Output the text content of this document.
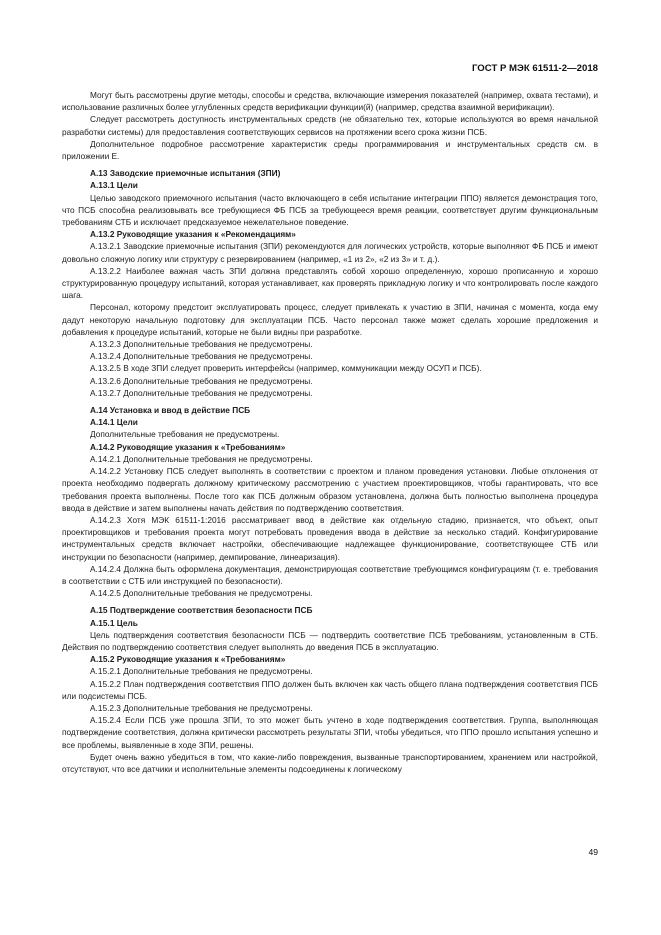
ГОСТ Р МЭК 61511-2—2018

Могут быть рассмотрены другие методы, способы и средства, включающие измерения показателей (например, охвата тестами), и использование различных более углубленных средств верификации функции(й) (например, средства взаимной верификации).

Следует рассмотреть доступность инструментальных средств (не обязательно тех, которые используются во время начальной разработки системы) для предоставления соответствующих сервисов на протяжении всего срока жизни ПСБ.

Дополнительное подробное рассмотрение характеристик среды программирования и инструментальных средств см. в приложении Е.

А.13 Заводские приемочные испытания (ЗПИ)

А.13.1 Цели

Целью заводского приемочного испытания (часто включающего в себя испытание интеграции ППО) является демонстрация того, что ПСБ способна реализовывать все требующиеся ФБ ПСБ за требующееся время реакции, соответствует другим функциональным требованиям СТБ и исключает предсказуемое нежелательное поведение.

А.13.2 Руководящие указания к «Рекомендациям»

А.13.2.1 Заводские приемочные испытания (ЗПИ) рекомендуются для логических устройств, которые выполняют ФБ ПСБ и имеют довольно сложную логику или структуру с резервированием (например, «1 из 2», «2 из 3» и т. д.).

А.13.2.2 Наиболее важная часть ЗПИ должна представлять собой хорошо определенную, хорошо прописанную и хорошо структурированную процедуру испытаний, которая устанавливает, как проверять прикладную логику и что контролировать после каждого шага.

Персонал, которому предстоит эксплуатировать процесс, следует привлекать к участию в ЗПИ, начиная с момента, когда ему дадут некоторую начальную подготовку для эксплуатации ПСБ. Часто персонал также может сделать хорошие предложения и добавления к процедуре испытаний, которые не были видны при разработке.

А.13.2.3 Дополнительные требования не предусмотрены.

А.13.2.4 Дополнительные требования не предусмотрены.

А.13.2.5 В ходе ЗПИ следует проверить интерфейсы (например, коммуникации между ОСУП и ПСБ).

А.13.2.6 Дополнительные требования не предусмотрены.

А.13.2.7 Дополнительные требования не предусмотрены.

А.14 Установка и ввод в действие ПСБ

А.14.1 Цели

Дополнительные требования не предусмотрены.

А.14.2 Руководящие указания к «Требованиям»

А.14.2.1 Дополнительные требования не предусмотрены.

А.14.2.2 Установку ПСБ следует выполнять в соответствии с проектом и планом проведения установки. Любые отклонения от проекта необходимо подвергать должному критическому рассмотрению с участием проектировщиков, чтобы гарантировать, что все требования проекта выполнены. После того как ПСБ должным образом установлена, должна быть полностью выполнена процедура ввода в действие и затем выполнены начать действия по подтверждению соответствия.

А.14.2.3 Хотя МЭК 61511-1:2016 рассматривает ввод в действие как отдельную стадию, признается, что объект, опыт проектировщиков и требования проекта могут потребовать проведения ввода в действие за несколько стадий. Конфигурирование инструментальных средств включает настройки, обеспечивающие надлежащее функционирование, соответствующее СТБ или инструкции по безопасности (например, демпирование, линеаризация).

А.14.2.4 Должна быть оформлена документация, демонстрирующая соответствие требующимся конфигурациям (т. е. требования в соответствии с СТБ или инструкцией по безопасности).

А.14.2.5 Дополнительные требования не предусмотрены.

А.15 Подтверждение соответствия безопасности ПСБ

А.15.1 Цель

Цель подтверждения соответствия безопасности ПСБ — подтвердить соответствие ПСБ требованиям, установленным в СТБ. Действия по подтверждению соответствия следует выполнять до введения ПСБ в эксплуатацию.

А.15.2 Руководящие указания к «Требованиям»

А.15.2.1 Дополнительные требования не предусмотрены.

А.15.2.2 План подтверждения соответствия ППО должен быть включен как часть общего плана подтверждения соответствия ПСБ или подсистемы ПСБ.

А.15.2.3 Дополнительные требования не предусмотрены.

А.15.2.4 Если ПСБ уже прошла ЗПИ, то это может быть учтено в ходе подтверждения соответствия. Группа, выполняющая подтверждение соответствия, должна критически рассмотреть результаты ЗПИ, чтобы убедиться, что ППО прошло испытания успешно и все проблемы, выявленные в ходе ЗПИ, решены.

Будет очень важно убедиться в том, что какие-либо повреждения, вызванные транспортированием, хранением или настройкой, отсутствуют, что все датчики и исполнительные элементы подсоединены к логическому

49
